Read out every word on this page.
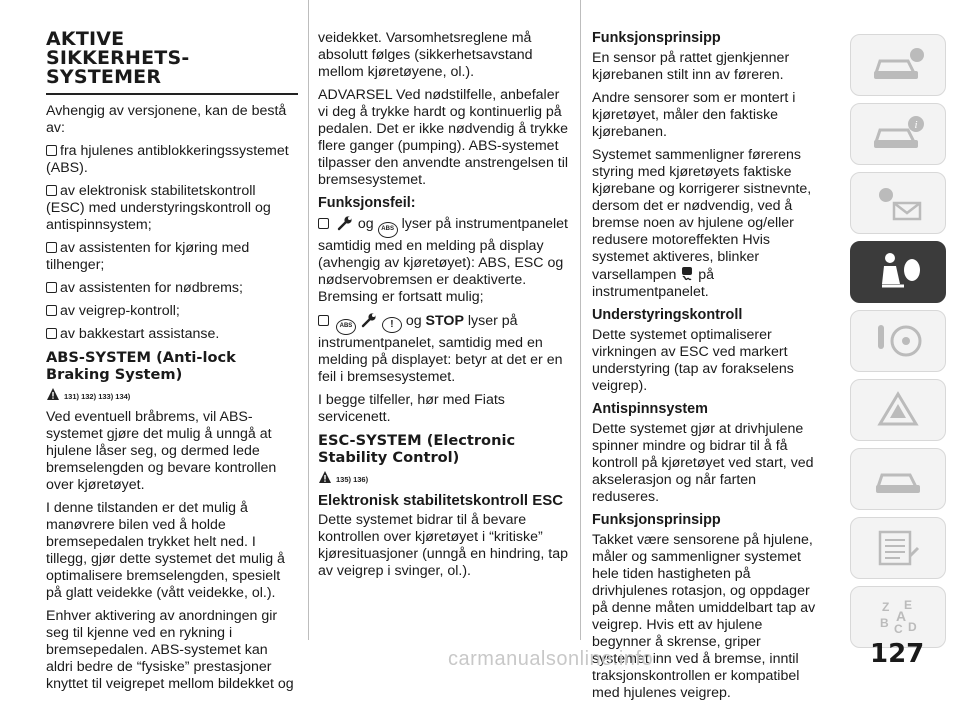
AKTIVE
SIKKERHETS-
SYSTEMER

Avhengig av versjonene, kan de bestå av:

fra hjulenes antiblokkeringssystemet (ABS).

av elektronisk stabilitetskontroll (ESC) med understyringskontroll og antispinnsystem;

av assistenten for kjøring med tilhenger;

av assistenten for nødbrems;

av veigrep-kontroll;

av bakkestart assistanse.

ABS-SYSTEM (Anti-lock Braking System)
131) 132) 133) 134)

Ved eventuell bråbrems, vil ABS-systemet gjøre det mulig å unngå at hjulene låser seg, og dermed lede bremselengden og bevare kontrollen over kjøretøyet.

I denne tilstanden er det mulig å manøvrere bilen ved å holde bremsepedalen trykket helt ned. I tillegg, gjør dette systemet det mulig å optimalisere bremselengden, spesielt på glatt veidekke (vått veidekke, ol.).

Enhver aktivering av anordningen gir seg til kjenne ved en rykning i bremsepedalen. ABS-systemet kan aldri bedre de “fysiske” prestasjoner knyttet til veigrepet mellom bildekket og

veidekket. Varsomhetsreglene må absolutt følges (sikkerhetsavstand mellom kjøretøyene, ol.).

ADVARSEL Ved nødstilfelle, anbefaler vi deg å trykke hardt og kontinuerlig på pedalen. Det er ikke nødvendig å trykke flere ganger (pumping). ABS-systemet tilpasser den anvendte anstrengelsen til bremsesystemet.

Funksjonsfeil:

og ABS lyser på instrumentpanelet samtidig med en melding på display (avhengig av kjøretøyet): ABS, ESC og nødservobremsen er deaktiverte. Bremsing er fortsatt mulig;

ABS	! og STOP lyser på instrumentpanelet, samtidig med en melding på displayet: betyr at det er en feil i bremsesystemet.

I begge tilfeller, hør med Fiats servicenett.

ESC-SYSTEM (Electronic Stability Control)
135) 136)
Elektronisk stabilitetskontroll ESC

Dette systemet bidrar til å bevare kontrollen over kjøretøyet i “kritiske” kjøresituasjoner (unngå en hindring, tap av veigrep i svinger, ol.).

Funksjonsprinsipp

En sensor på rattet gjenkjenner kjørebanen stilt inn av føreren.

Andre sensorer som er montert i kjøretøyet, måler den faktiske kjørebanen.

Systemet sammenligner førerens styring med kjøretøyets faktiske kjørebane og korrigerer sistnevnte, dersom det er nødvendig, ved å bremse noen av hjulene og/eller redusere motoreffekten Hvis systemet aktiveres, blinker varsellampen på instrumentpanelet.

Understyringskontroll

Dette systemet optimaliserer virkningen av ESC ved markert understyring (tap av forakselens veigrep).

Antispinnsystem

Dette systemet gjør at drivhjulene spinner mindre og bidrar til å få kontroll på kjøretøyet ved start, ved akselerasjon og når farten reduseres.

Funksjonsprinsipp

Takket være sensorene på hjulene, måler og sammenligner systemet hele tiden hastigheten på drivhjulenes rotasjon, og oppdager på denne måten umiddelbart tap av veigrep. Hvis ett av hjulene begynner å skrense, griper systemet inn ved å bremse, inntil traksjonskontrollen er kompatibel med hjulenes veigrep.

i
Z E
B C D
A
127
carmanualsonline.info
